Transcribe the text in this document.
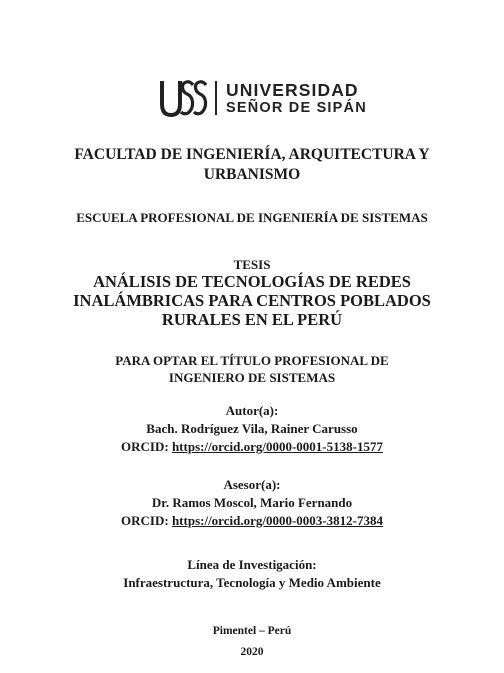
UNIVERSIDAD
SEÑOR DE SIPÁN
FACULTAD DE INGENIERÍA, ARQUITECTURA Y
URBANISMO
ESCUELA PROFESIONAL DE INGENIERÍA DE SISTEMAS
TESIS
ANÁLISIS DE TECNOLOGÍAS DE REDES
INALÁMBRICAS PARA CENTROS POBLADOS
RURALES EN EL PERÚ
PARA OPTAR EL TÍTULO PROFESIONAL DE
INGENIERO DE SISTEMAS
Autor(a):
Bach. Rodríguez Vila, Rainer Carusso
ORCID: https://orcid.org/0000-0001-5138-1577
Asesor(a):
Dr. Ramos Moscol, Mario Fernando
ORCID: https://orcid.org/0000-0003-3812-7384
Línea de Investigación:
Infraestructura, Tecnología y Medio Ambiente
Pimentel – Perú
2020
